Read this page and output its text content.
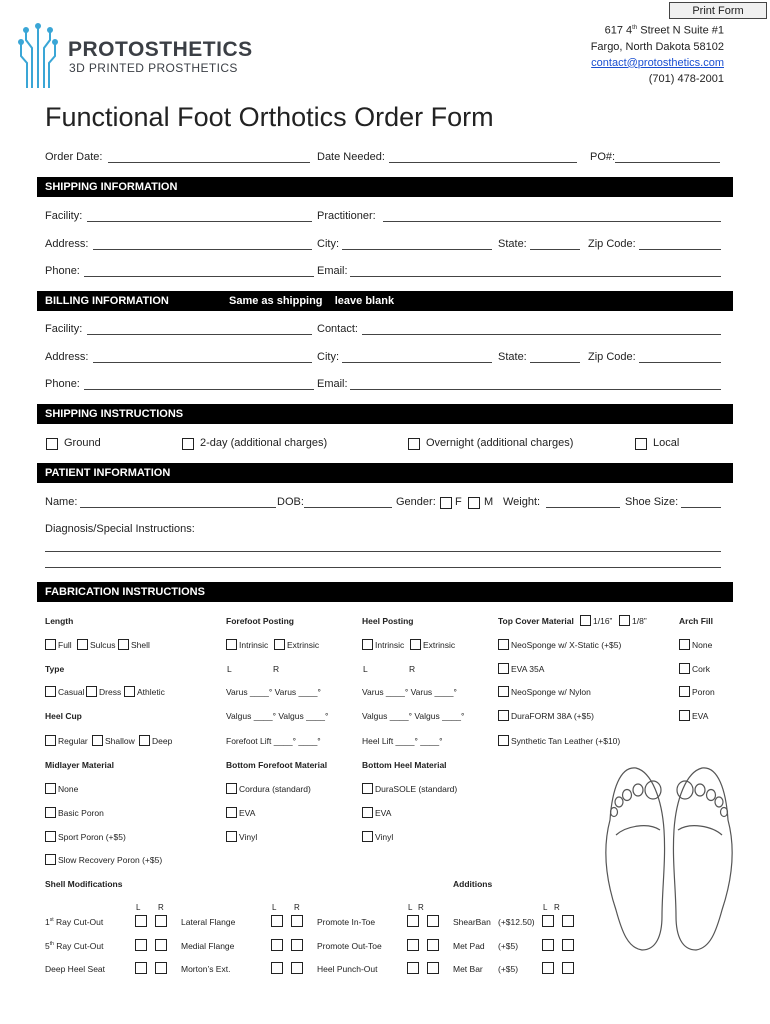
Print Form
PROTOSTHETICS
3D PRINTED PROSTHETICS
617 4th Street N Suite #1
Fargo, North Dakota 58102
contact@protosthetics.com
(701) 478-2001
Functional Foot Orthotics Order Form
Order Date:	Date Needed:	PO#:
SHIPPING INFORMATION
Facility:	Practitioner:
Address:	City:	State:	Zip Code:
Phone:	Email:
BILLING INFORMATION	Same as shipping    leave blank
Facility:	Contact:
Address:	City:	State:	Zip Code:
Phone:	Email:
SHIPPING INSTRUCTIONS
Ground	2-day (additional charges)	Overnight (additional charges)	Local
PATIENT INFORMATION
Name:	DOB:	Gender: F M Weight:	Shoe Size:
Diagnosis/Special Instructions:
FABRICATION INSTRUCTIONS
Length
Full Sulcus Shell
Type
Casual Dress Athletic
Heel Cup
Regular Shallow Deep
Midlayer Material
None
Basic Poron
Sport Poron (+$5)
Slow Recovery Poron (+$5)
Forefoot Posting
Intrinsic Extrinsic
L	R
Varus ____° Varus ____°
Valgus ____° Valgus ____°
Forefoot Lift ____° ____°
Bottom Forefoot Material
Cordura (standard)
EVA
Vinyl
Heel Posting
Intrinsic Extrinsic
L	R
Varus ____° Varus ____°
Valgus ____° Valgus ____°
Heel Lift ____° ____°
Bottom Heel Material
DuraSOLE (standard)
EVA
Vinyl
Top Cover Material 1/16” 1/8”
NeoSponge w/ X-Static (+$5)
EVA 35A
NeoSponge w/ Nylon
DuraFORM 38A (+$5)
Synthetic Tan Leather (+$10)
Arch Fill
None
Cork
Poron
EVA
Shell Modifications	Additions
L R	L R	L R	L R
1st Ray Cut-Out	Lateral Flange	Promote In-Toe	ShearBan (+$12.50)
5th Ray Cut-Out	Medial Flange	Promote Out-Toe	Met Pad (+$5)
Deep Heel Seat	Morton’s Ext.	Heel Punch-Out	Met Bar (+$5)
